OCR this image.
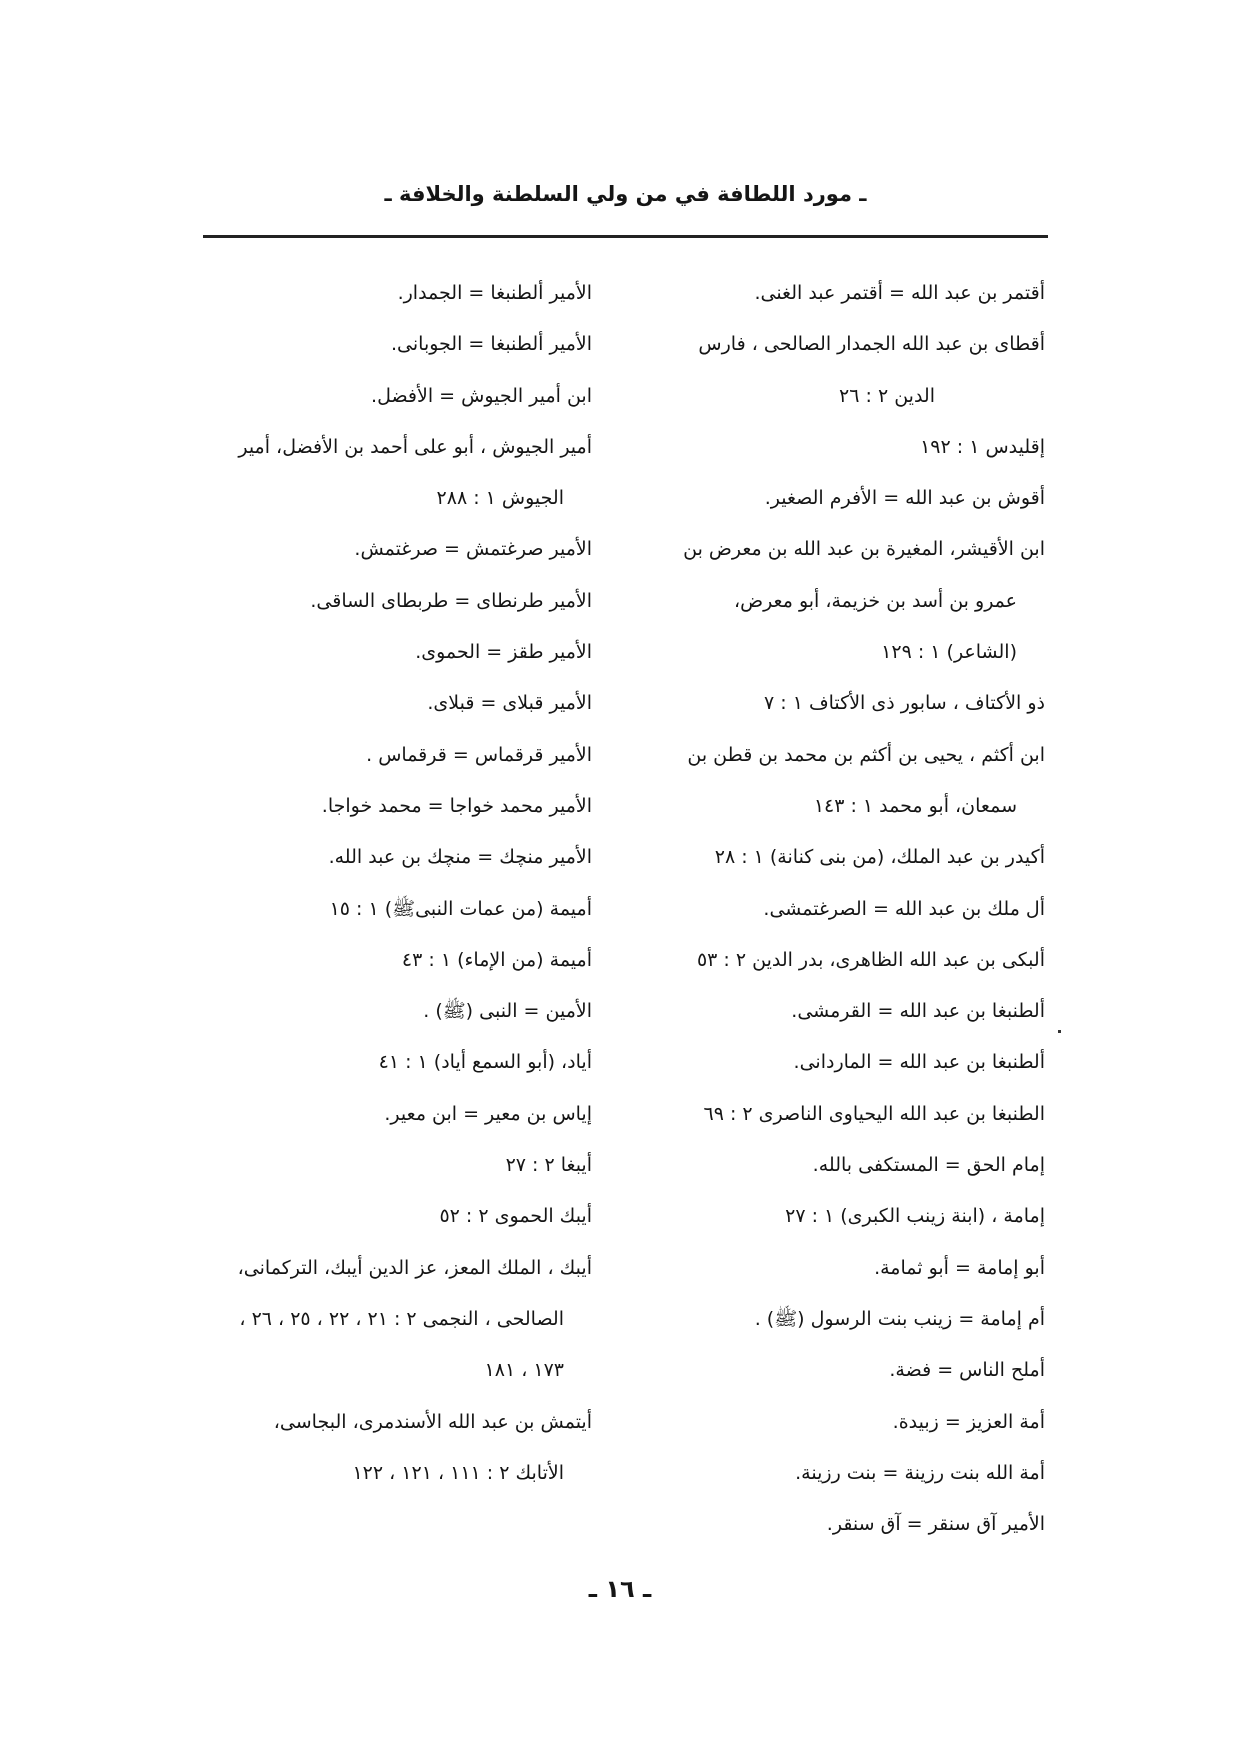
ـ مورد اللطافة في من ولي السلطنة والخلافة ـ
أقتمر بن عبد الله = أقتمر عبد الغنى.
أقطاى بن عبد الله الجمدار الصالحى ، فارس
الدين ٢ : ٢٦
إقليدس ١ : ١٩٢
أقوش بن عبد الله = الأفرم الصغير.
ابن الأقيشر، المغيرة بن عبد الله بن معرض بن
عمرو بن أسد بن خزيمة، أبو معرض،
(الشاعر) ١ : ١٢٩
ذو الأكتاف ، سابور ذى الأكتاف ١ : ٧
ابن أكثم ، يحيى بن أكثم بن محمد بن قطن بن
سمعان، أبو محمد ١ : ١٤٣
أكيدر بن عبد الملك، (من بنى كنانة) ١ : ٢٨
أل ملك بن عبد الله = الصرغتمشى.
ألبكى بن عبد الله الظاهرى، بدر الدين ٢ : ٥٣
ألطنبغا بن عبد الله = القرمشى.
ألطنبغا بن عبد الله = الماردانى.
الطنبغا بن عبد الله اليحياوى الناصرى ٢ : ٦٩
إمام الحق = المستكفى بالله.
إمامة ، (ابنة زينب الكبرى) ١ : ٢٧
أبو إمامة = أبو ثمامة.
أم إمامة = زينب بنت الرسول (ﷺ) .
أملح الناس = فضة.
أمة العزيز = زبيدة.
أمة الله بنت رزينة = بنت رزينة.
الأمير آق سنقر = آق سنقر.
الأمير ألطنبغا = الجمدار.
الأمير ألطنبغا = الجوبانى.
ابن أمير الجيوش = الأفضل.
أمير الجيوش ، أبو على أحمد بن الأفضل، أمير
الجيوش ١ : ٢٨٨
الأمير صرغتمش = صرغتمش.
الأمير طرنطاى = طربطاى الساقى.
الأمير طقز = الحموى.
الأمير قبلاى = قبلاى.
الأمير قرقماس = قرقماس .
الأمير محمد خواجا = محمد خواجا.
الأمير منچك = منچك بن عبد الله.
أميمة (من عمات النبىﷺ) ١ : ١٥
أميمة (من الإماء) ١ : ٤٣
الأمين = النبى (ﷺ) .
أياد، (أبو السمع أياد) ١ : ٤١
إياس بن معير = ابن معير.
أيبغا ٢ : ٢٧
أيبك الحموى ٢ : ٥٢
أيبك ، الملك المعز، عز الدين أيبك، التركمانى،
الصالحى ، النجمى ٢ : ٢١ ، ٢٢ ، ٢٥ ، ٢٦ ،
١٧٣ ، ١٨١
أيتمش بن عبد الله الأسندمرى، البجاسى،
الأتابك ٢ : ١١١ ، ١٢١ ، ١٢٢
ـ ١٦ ـ
